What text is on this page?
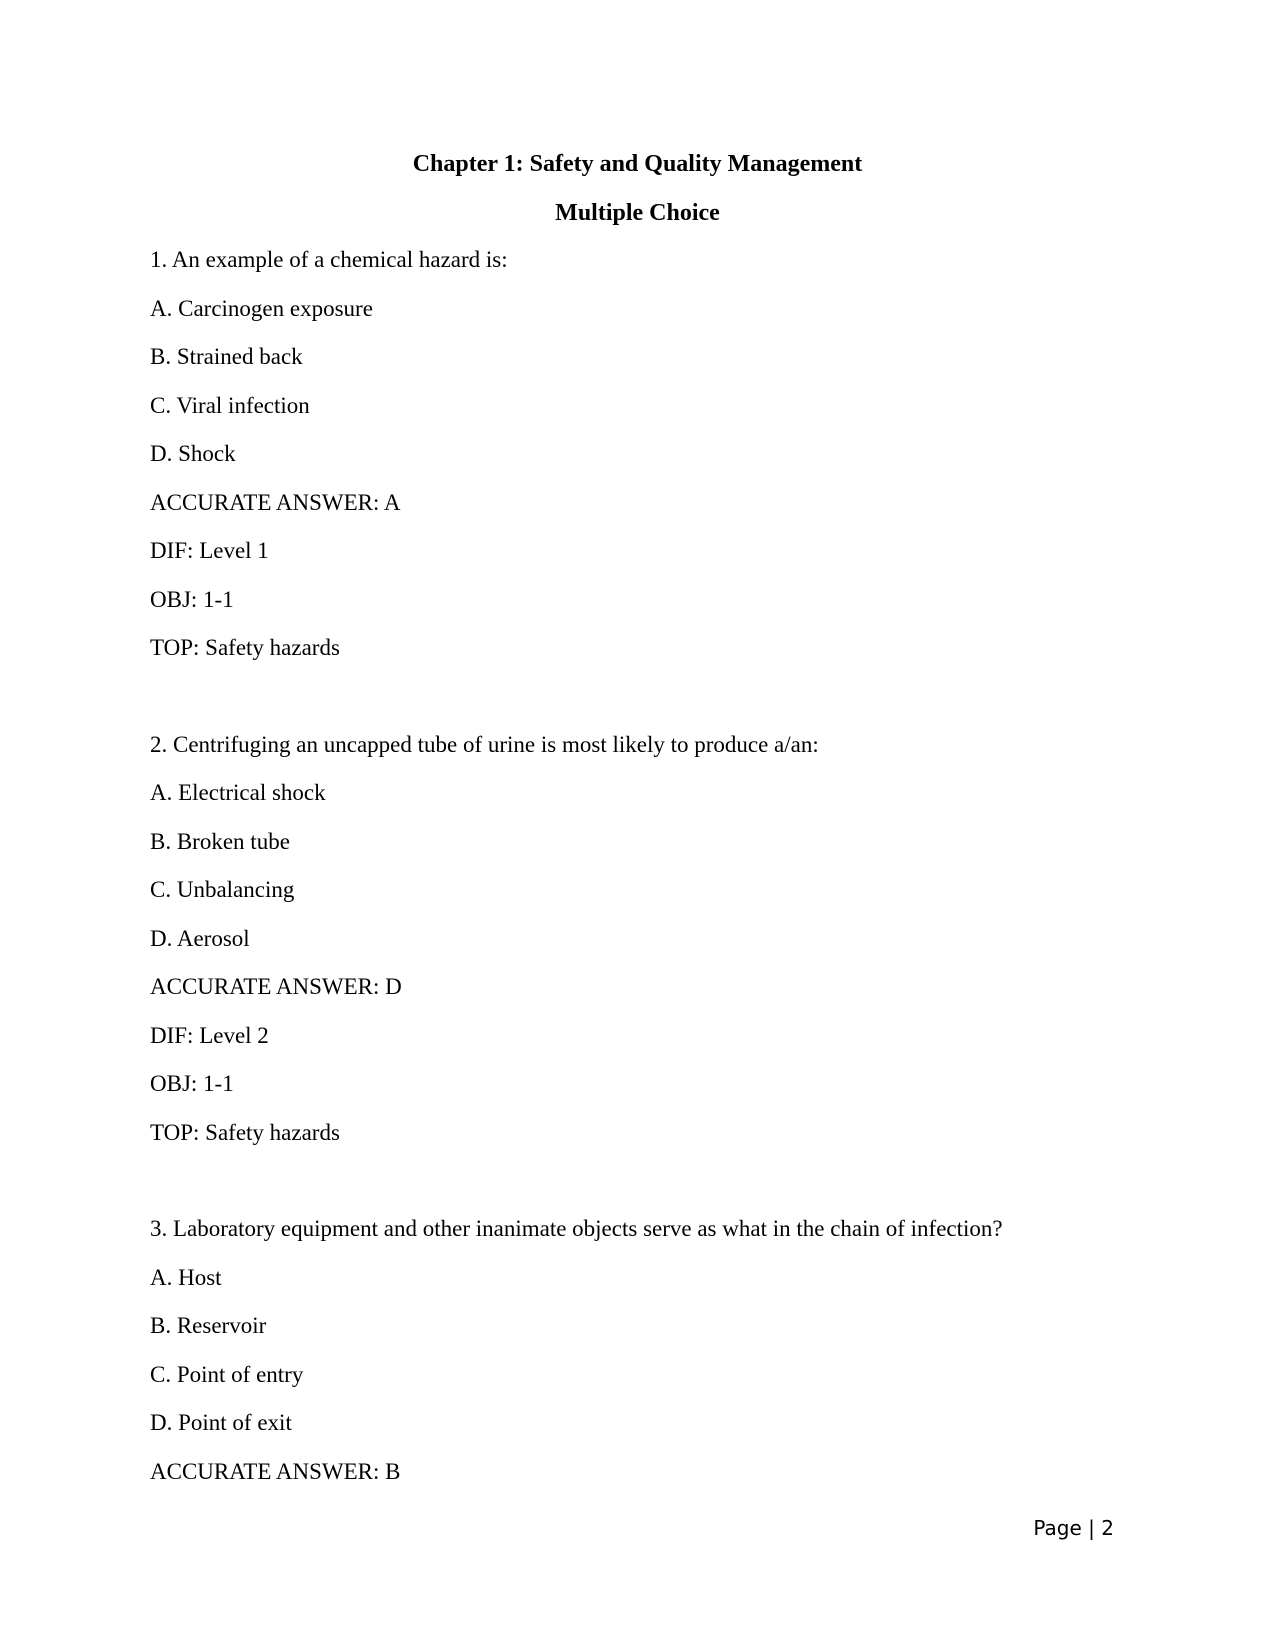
Chapter 1: Safety and Quality Management
Multiple Choice
1. An example of a chemical hazard is:
A. Carcinogen exposure
B. Strained back
C. Viral infection
D. Shock
ACCURATE ANSWER: A
DIF: Level 1
OBJ: 1-1
TOP: Safety hazards
2. Centrifuging an uncapped tube of urine is most likely to produce a/an:
A. Electrical shock
B. Broken tube
C. Unbalancing
D. Aerosol
ACCURATE ANSWER: D
DIF: Level 2
OBJ: 1-1
TOP: Safety hazards
3. Laboratory equipment and other inanimate objects serve as what in the chain of infection?
A. Host
B. Reservoir
C. Point of entry
D. Point of exit
ACCURATE ANSWER: B
Page | 2
